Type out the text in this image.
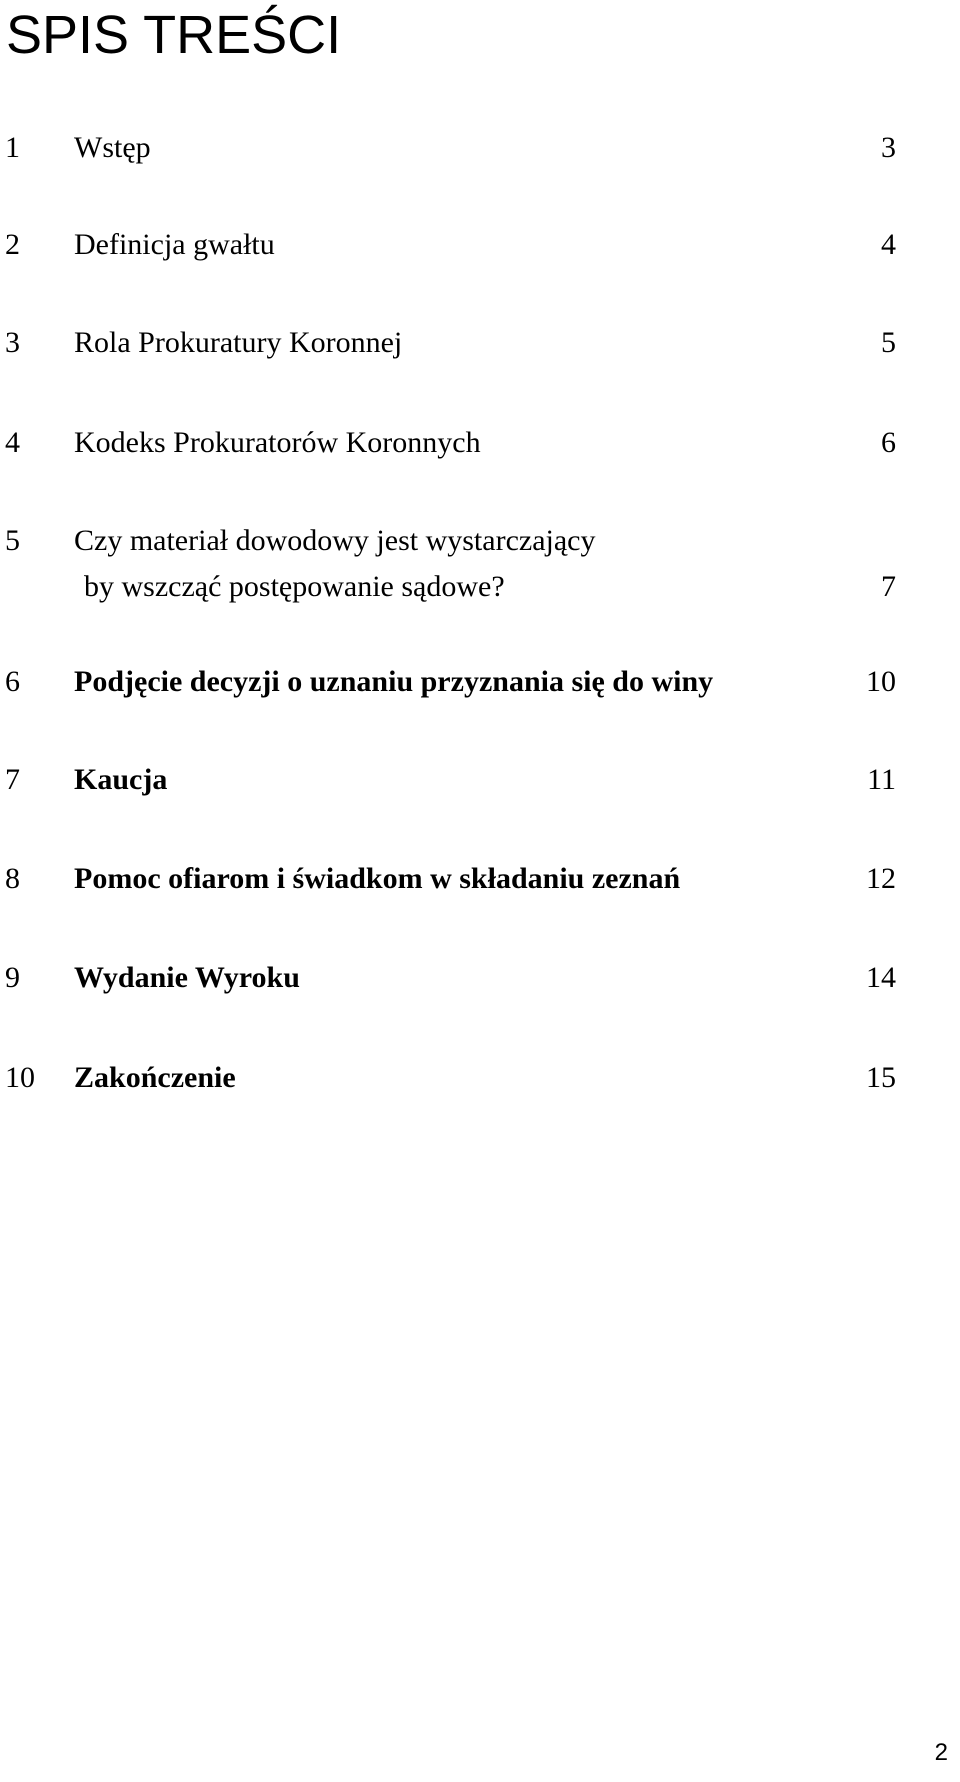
SPIS TREŚCI
1 Wstęp	3
2 Definicja gwałtu	4
3 Rola Prokuratury Koronnej	5
4 Kodeks Prokuratorów Koronnych	6
5 Czy materiał dowodowy jest wystarczający
by wszcząć postępowanie sądowe?	7
6 Podjęcie decyzji o uznaniu przyznania się do winy	10
7 Kaucja	11
8 Pomoc ofiarom i świadkom w składaniu zeznań	12
9 Wydanie Wyroku	14
10 Zakończenie	15
2
